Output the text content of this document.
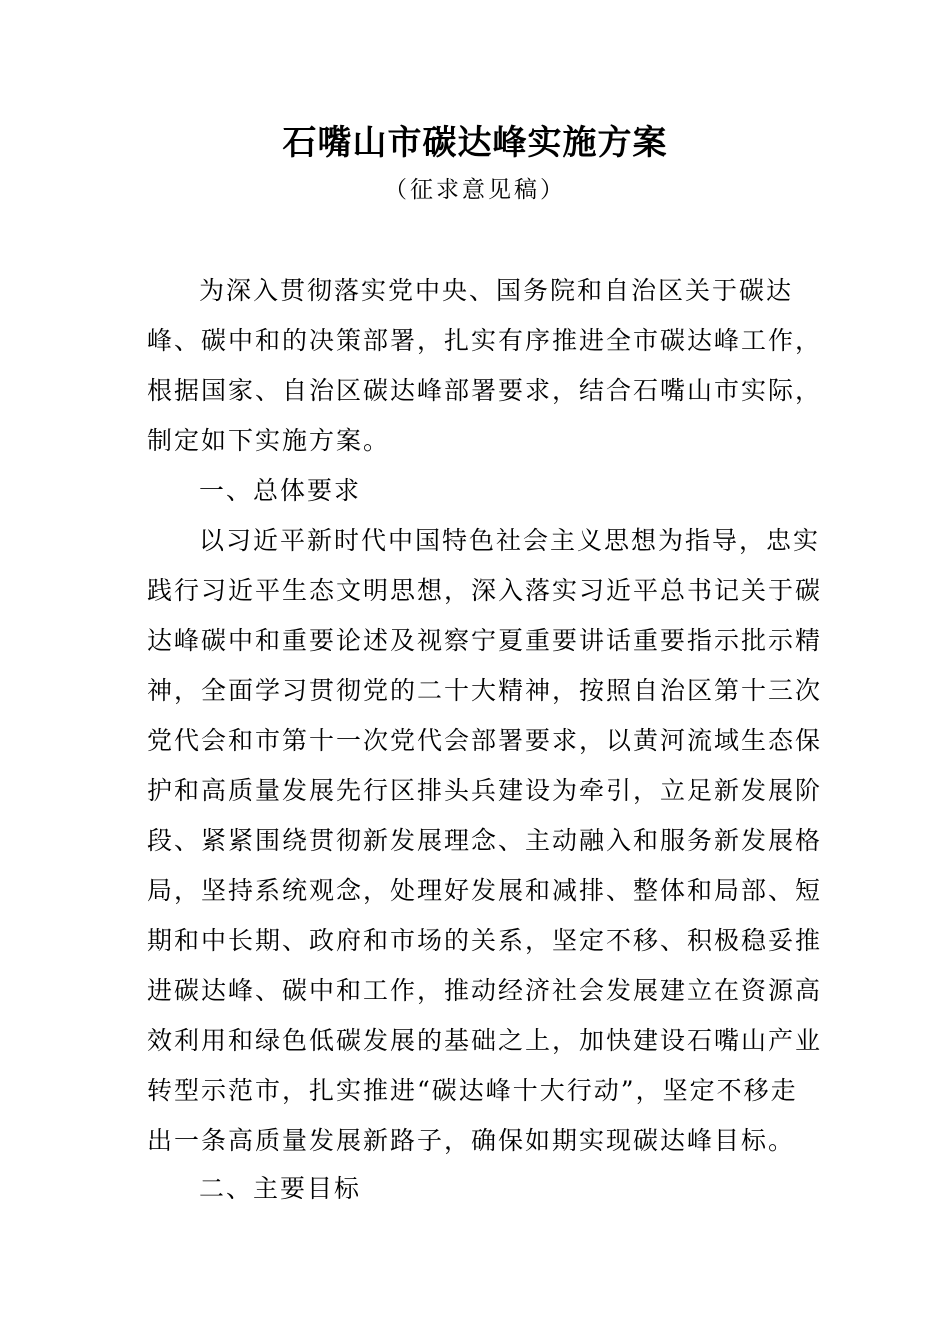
石嘴山市碳达峰实施方案
（征求意见稿）
为深入贯彻落实党中央、国务院和自治区关于碳达
峰、碳中和的决策部署，扎实有序推进全市碳达峰工作，
根据国家、自治区碳达峰部署要求，结合石嘴山市实际，
制定如下实施方案。
一、总体要求
以习近平新时代中国特色社会主义思想为指导，忠实
践行习近平生态文明思想，深入落实习近平总书记关于碳
达峰碳中和重要论述及视察宁夏重要讲话重要指示批示精
神，全面学习贯彻党的二十大精神，按照自治区第十三次
党代会和市第十一次党代会部署要求，以黄河流域生态保
护和高质量发展先行区排头兵建设为牵引，立足新发展阶
段、紧紧围绕贯彻新发展理念、主动融入和服务新发展格
局，坚持系统观念，处理好发展和减排、整体和局部、短
期和中长期、政府和市场的关系，坚定不移、积极稳妥推
进碳达峰、碳中和工作，推动经济社会发展建立在资源高
效利用和绿色低碳发展的基础之上，加快建设石嘴山产业
转型示范市，扎实推进“碳达峰十大行动”，坚定不移走
出一条高质量发展新路子，确保如期实现碳达峰目标。
二、主要目标
